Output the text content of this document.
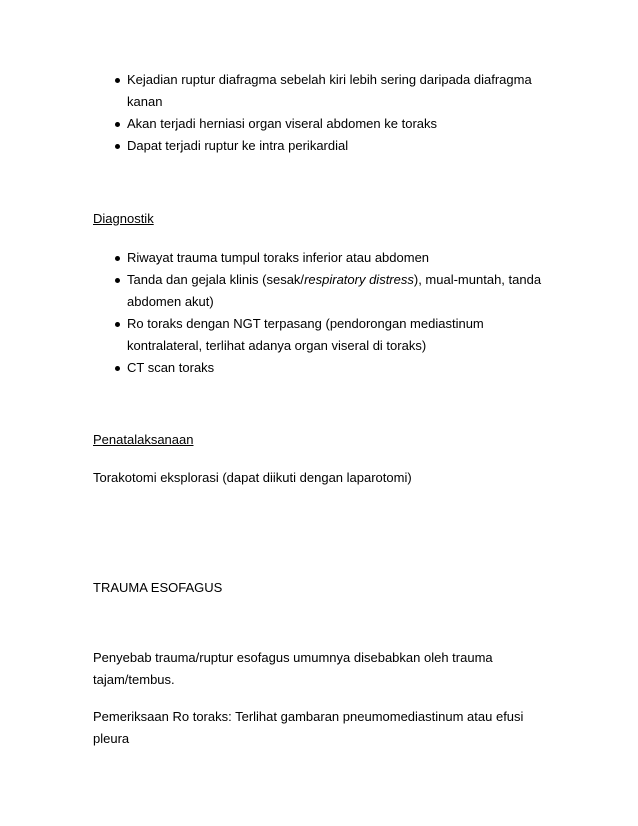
Kejadian ruptur diafragma sebelah kiri lebih sering daripada diafragma
kanan
Akan terjadi herniasi organ viseral abdomen ke toraks
Dapat terjadi ruptur ke intra perikardial

Diagnostik

Riwayat trauma tumpul toraks inferior atau abdomen
Tanda dan gejala klinis (sesak/respiratory distress), mual-muntah, tanda
abdomen akut)
Ro toraks dengan NGT terpasang (pendorongan mediastinum
kontralateral, terlihat adanya organ viseral di toraks)
CT scan toraks

Penatalaksanaan

Torakotomi eksplorasi (dapat diikuti dengan laparotomi)

TRAUMA ESOFAGUS

Penyebab trauma/ruptur esofagus umumnya disebabkan oleh trauma
tajam/tembus.
Pemeriksaan Ro toraks: Terlihat gambaran pneumomediastinum atau efusi
pleura
